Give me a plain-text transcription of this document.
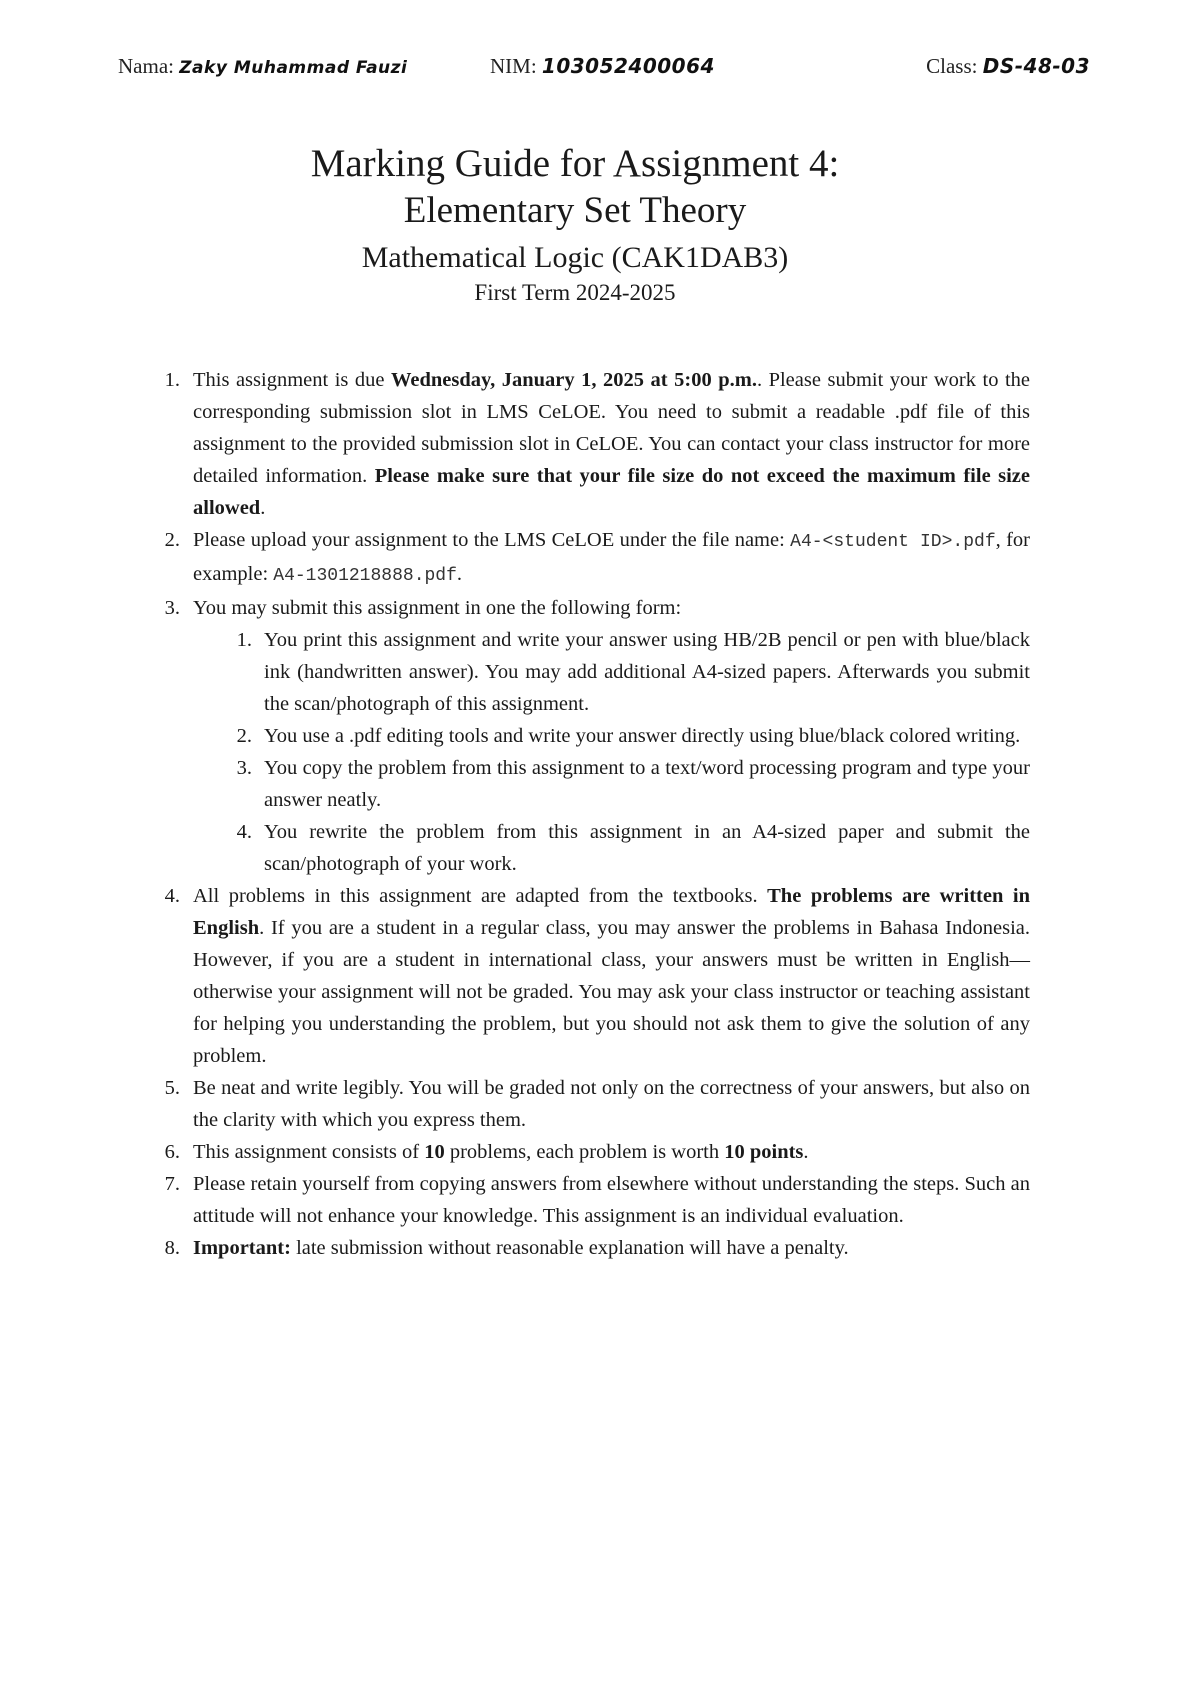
Nama: Zaky Muhammad Fauzi	NIM: 103052400064	Class: DS-48-03
Marking Guide for Assignment 4:
Elementary Set Theory
Mathematical Logic (CAK1DAB3)
First Term 2024-2025
1. This assignment is due Wednesday, January 1, 2025 at 5:00 p.m.. Please submit your work to the corresponding submission slot in LMS CeLOE. You need to submit a readable .pdf file of this assignment to the provided submission slot in CeLOE. You can contact your class instructor for more detailed information. Please make sure that your file size do not exceed the maximum file size allowed.
2. Please upload your assignment to the LMS CeLOE under the file name: A4-<student ID>.pdf, for example: A4-1301218888.pdf.
3. You may submit this assignment in one the following form:
1. You print this assignment and write your answer using HB/2B pencil or pen with blue/black ink (handwritten answer). You may add additional A4-sized papers. Afterwards you submit the scan/photograph of this assignment.
2. You use a .pdf editing tools and write your answer directly using blue/black colored writing.
3. You copy the problem from this assignment to a text/word processing program and type your answer neatly.
4. You rewrite the problem from this assignment in an A4-sized paper and submit the scan/photograph of your work.
4. All problems in this assignment are adapted from the textbooks. The problems are written in English. If you are a student in a regular class, you may answer the problems in Bahasa Indonesia. However, if you are a student in international class, your answers must be written in English—otherwise your assignment will not be graded. You may ask your class instructor or teaching assistant for helping you understanding the problem, but you should not ask them to give the solution of any problem.
5. Be neat and write legibly. You will be graded not only on the correctness of your answers, but also on the clarity with which you express them.
6. This assignment consists of 10 problems, each problem is worth 10 points.
7. Please retain yourself from copying answers from elsewhere without understanding the steps. Such an attitude will not enhance your knowledge. This assignment is an individual evaluation.
8. Important: late submission without reasonable explanation will have a penalty.
